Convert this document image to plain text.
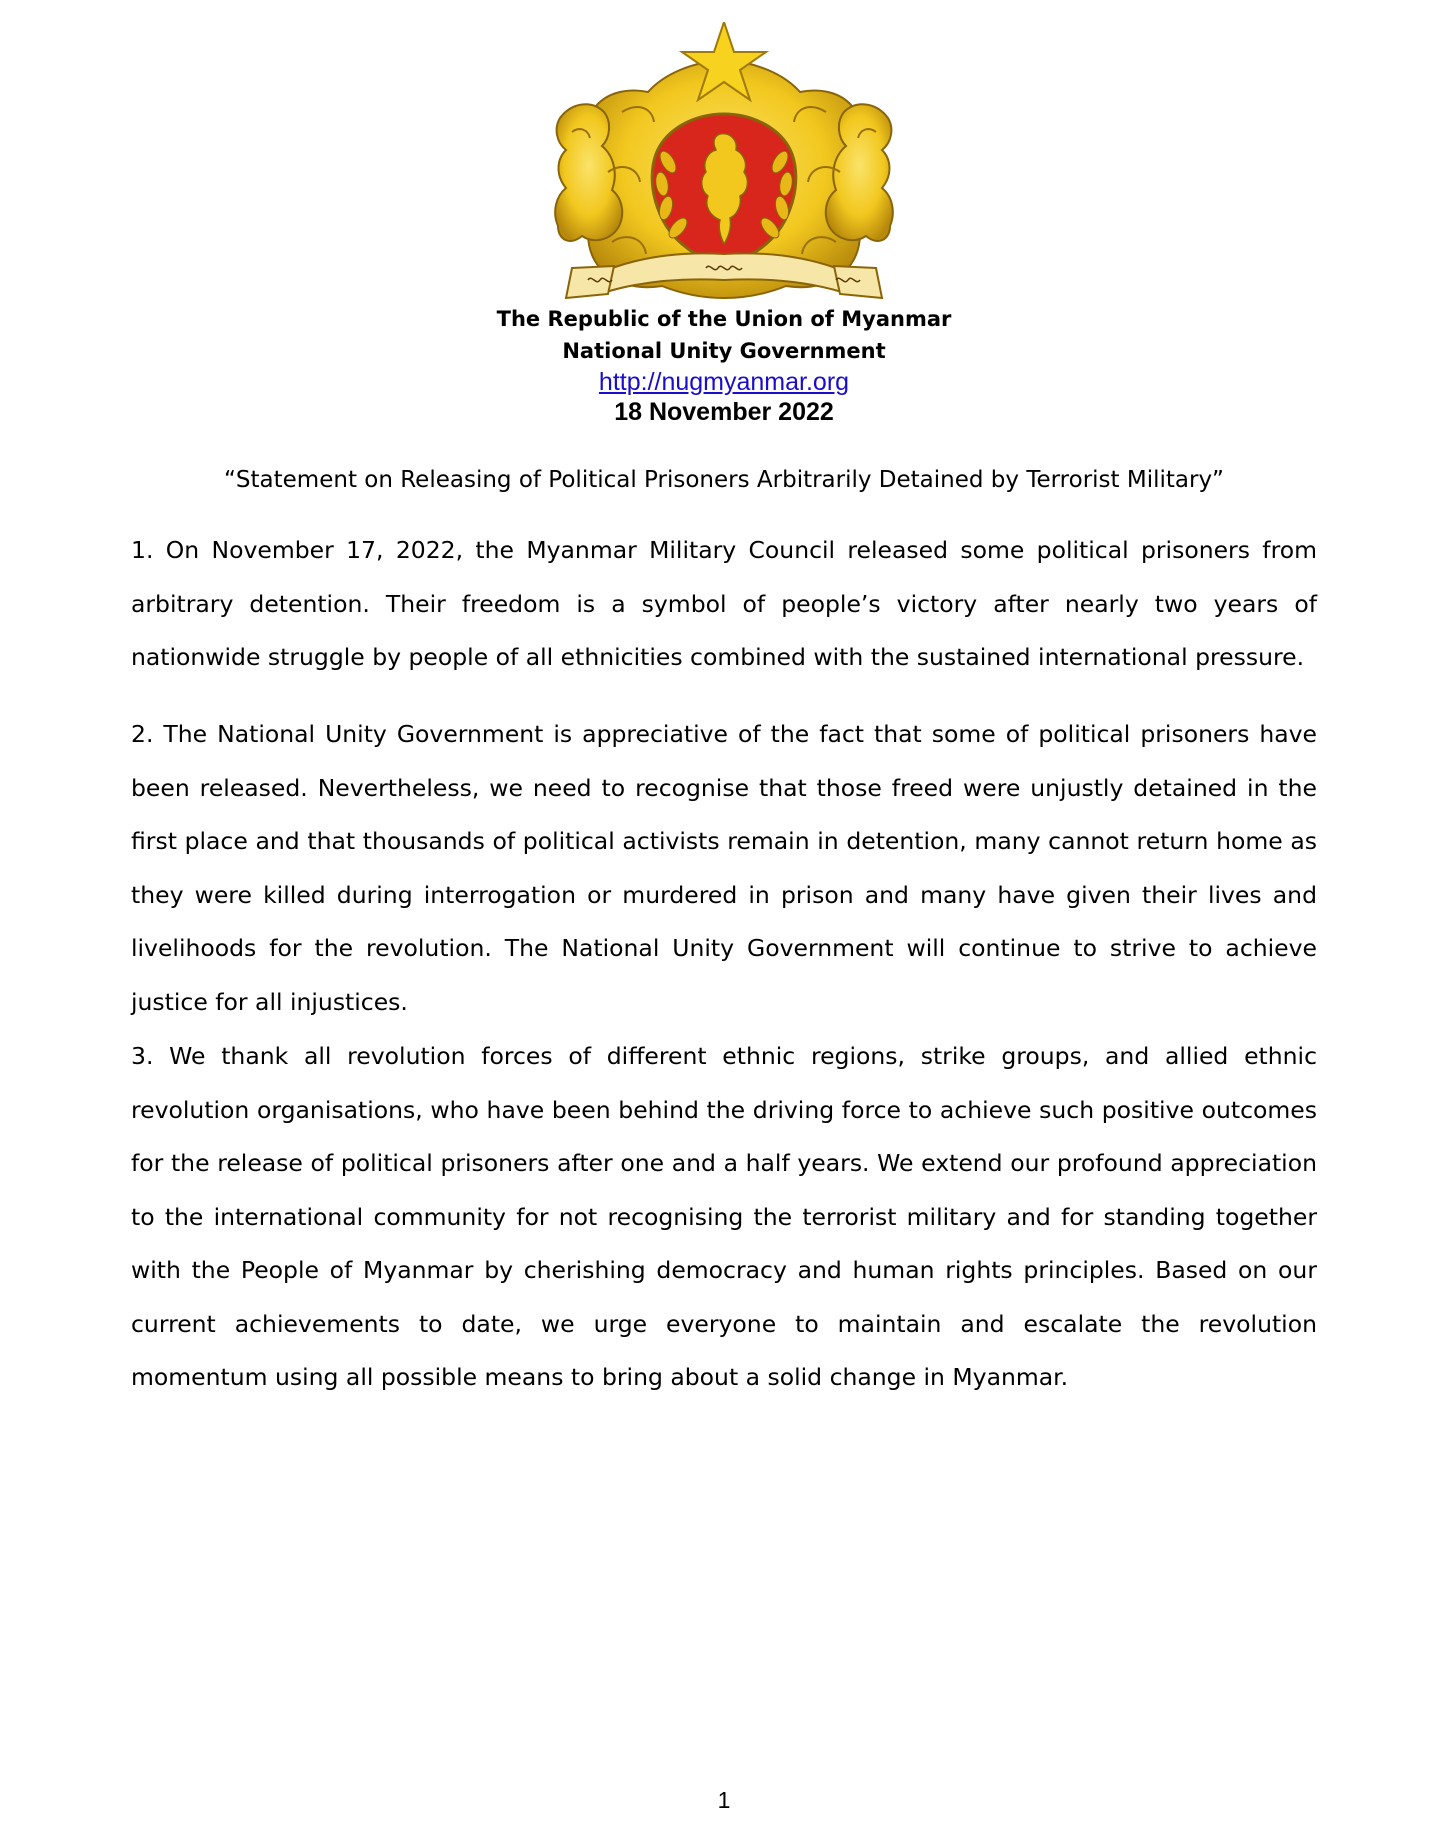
The Republic of the Union of Myanmar
National Unity Government
http://nugmyanmar.org
18 November 2022
“Statement on Releasing of Political Prisoners Arbitrarily Detained by Terrorist Military”

1. On November 17, 2022, the Myanmar Military Council released some political prisoners from arbitrary detention. Their freedom is a symbol of people’s victory after nearly two years of nationwide struggle by people of all ethnicities combined with the sustained international pressure.

2. The National Unity Government is appreciative of the fact that some of political prisoners have been released. Nevertheless, we need to recognise that those freed were unjustly detained in the first place and that thousands of political activists remain in detention, many cannot return home as they were killed during interrogation or murdered in prison and many have given their lives and livelihoods for the revolution. The National Unity Government will continue to strive to achieve justice for all injustices.

3. We thank all revolution forces of different ethnic regions, strike groups, and allied ethnic revolution organisations, who have been behind the driving force to achieve such positive outcomes for the release of political prisoners after one and a half years. We extend our profound appreciation to the international community for not recognising the terrorist military and for standing together with the People of Myanmar by cherishing democracy and human rights principles. Based on our current achievements to date, we urge everyone to maintain and escalate the revolution momentum using all possible means to bring about a solid change in Myanmar.

1
